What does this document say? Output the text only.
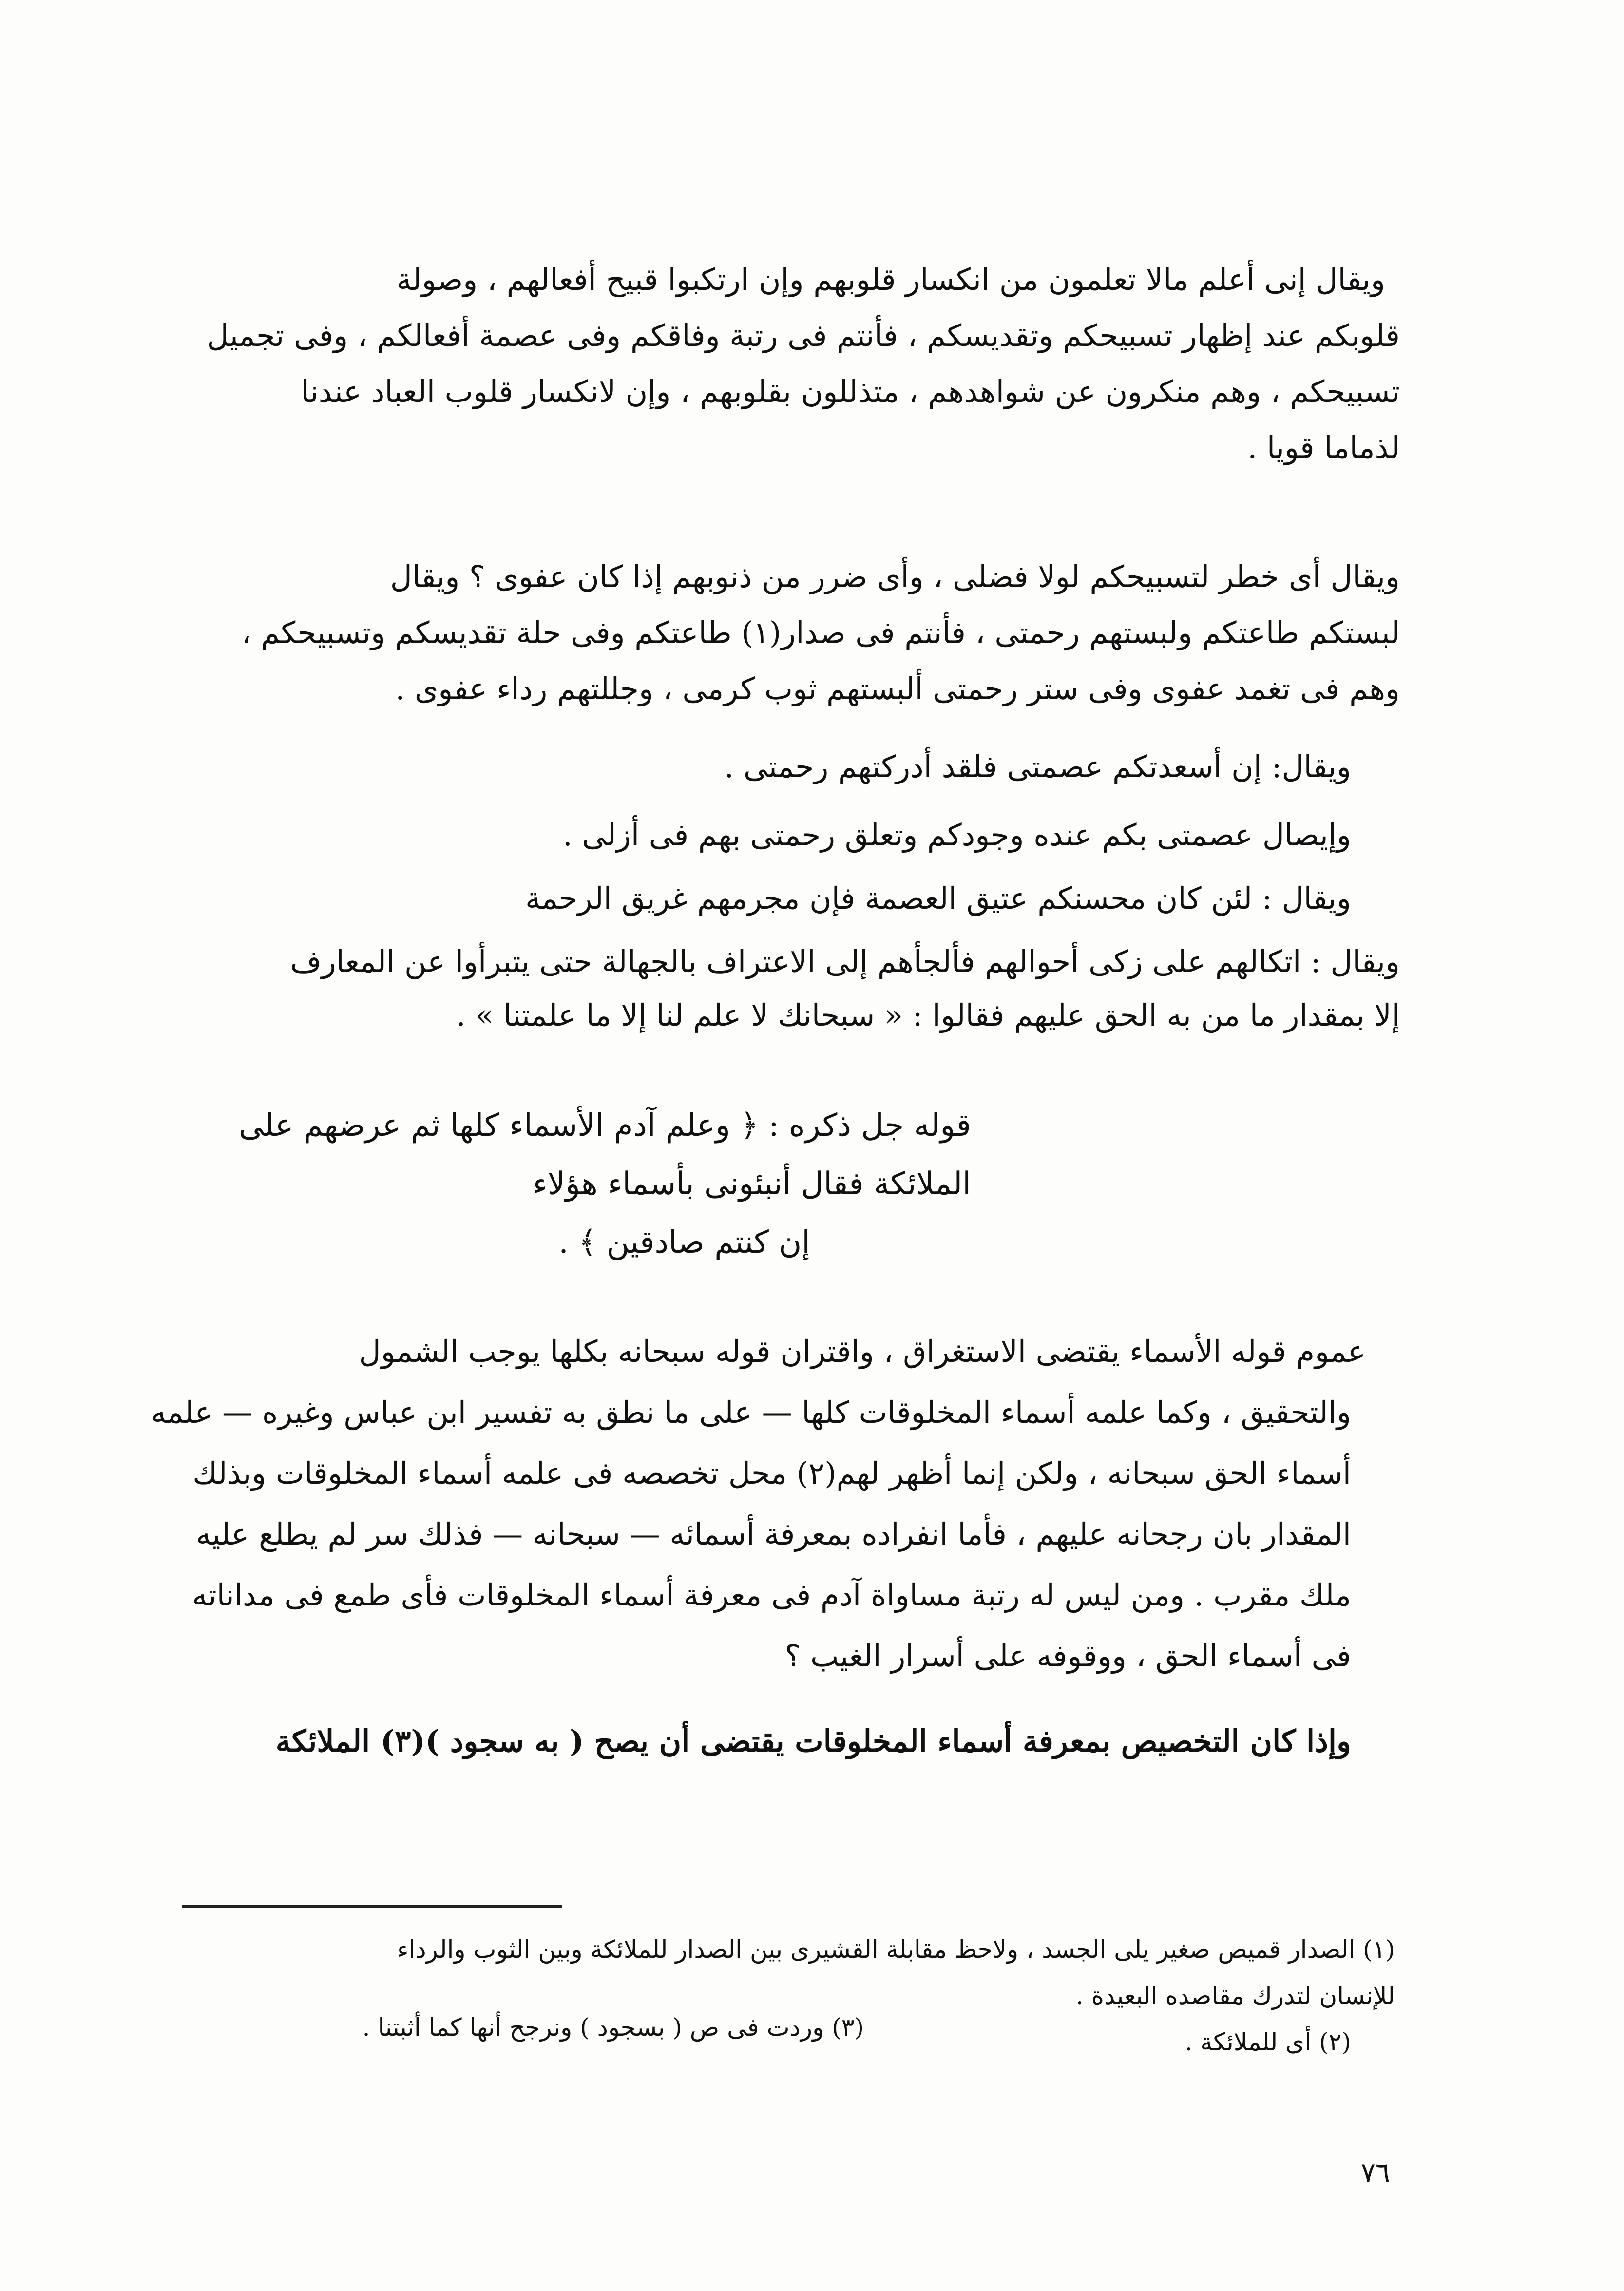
ويقال إنى أعلم مالا تعلمون من انكسار قلوبهم وإن ارتكبوا قبيح أفعالهم ، وصولة
قلوبكم عند إظهار تسبيحكم وتقديسكم ، فأنتم فى رتبة وفاقكم وفى عصمة أفعالكم ، وفى تجميل
تسبيحكم ، وهم منكرون عن شواهدهم ، متذللون بقلوبهم ، وإن لانكسار قلوب العباد عندنا
لذماما قويا .
ويقال أى خطر لتسبيحكم لولا فضلى ، وأى ضرر من ذنوبهم إذا كان عفوى ؟ ويقال
لبستكم طاعتكم ولبستهم رحمتى ، فأنتم فى صدار(١) طاعتكم وفى حلة تقديسكم وتسبيحكم ،
وهم فى تغمد عفوى وفى ستر رحمتى ألبستهم ثوب كرمى ، وجللتهم رداء عفوى .
ويقال: إن أسعدتكم عصمتى فلقد أدركتهم رحمتى .
وإيصال عصمتى بكم عنده وجودكم وتعلق رحمتى بهم فى أزلى .
ويقال : لئن كان محسنكم عتيق العصمة فإن مجرمهم غريق الرحمة
ويقال : اتكالهم على زكى أحوالهم فألجأهم إلى الاعتراف بالجهالة حتى يتبرأوا عن المعارف
إلا بمقدار ما من به الحق عليهم فقالوا : « سبحانك لا علم لنا إلا ما علمتنا » .

قوله جل ذكره : ﴿ وعلم آدم الأسماء كلها ثم عرضهم على

الملائكة فقال أنبئونى بأسماء هؤلاء

إن كنتم صادقين ﴾ .

عموم قوله الأسماء يقتضى الاستغراق ، واقتران قوله سبحانه بكلها يوجب الشمول
والتحقيق ، وكما علمه أسماء المخلوقات كلها — على ما نطق به تفسير ابن عباس وغيره — علمه
أسماء الحق سبحانه ، ولكن إنما أظهر لهم(٢) محل تخصصه فى علمه أسماء المخلوقات وبذلك
المقدار بان رجحانه عليهم ، فأما انفراده بمعرفة أسمائه — سبحانه — فذلك سر لم يطلع عليه
ملك مقرب . ومن ليس له رتبة مساواة آدم فى معرفة أسماء المخلوقات فأى طمع فى مداناته
فى أسماء الحق ، ووقوفه على أسرار الغيب ؟
وإذا كان التخصيص بمعرفة أسماء المخلوقات يقتضى أن يصح ( به سجود )(٣) الملائكة
(١) الصدار قميص صغير يلى الجسد ، ولاحظ مقابلة القشيرى بين الصدار للملائكة وبين الثوب والرداء
للإنسان لتدرك مقاصده البعيدة .
(٢) أى للملائكة .
(٣) وردت فى ص ( بسجود ) ونرجح أنها كما أثبتنا .
٧٦
